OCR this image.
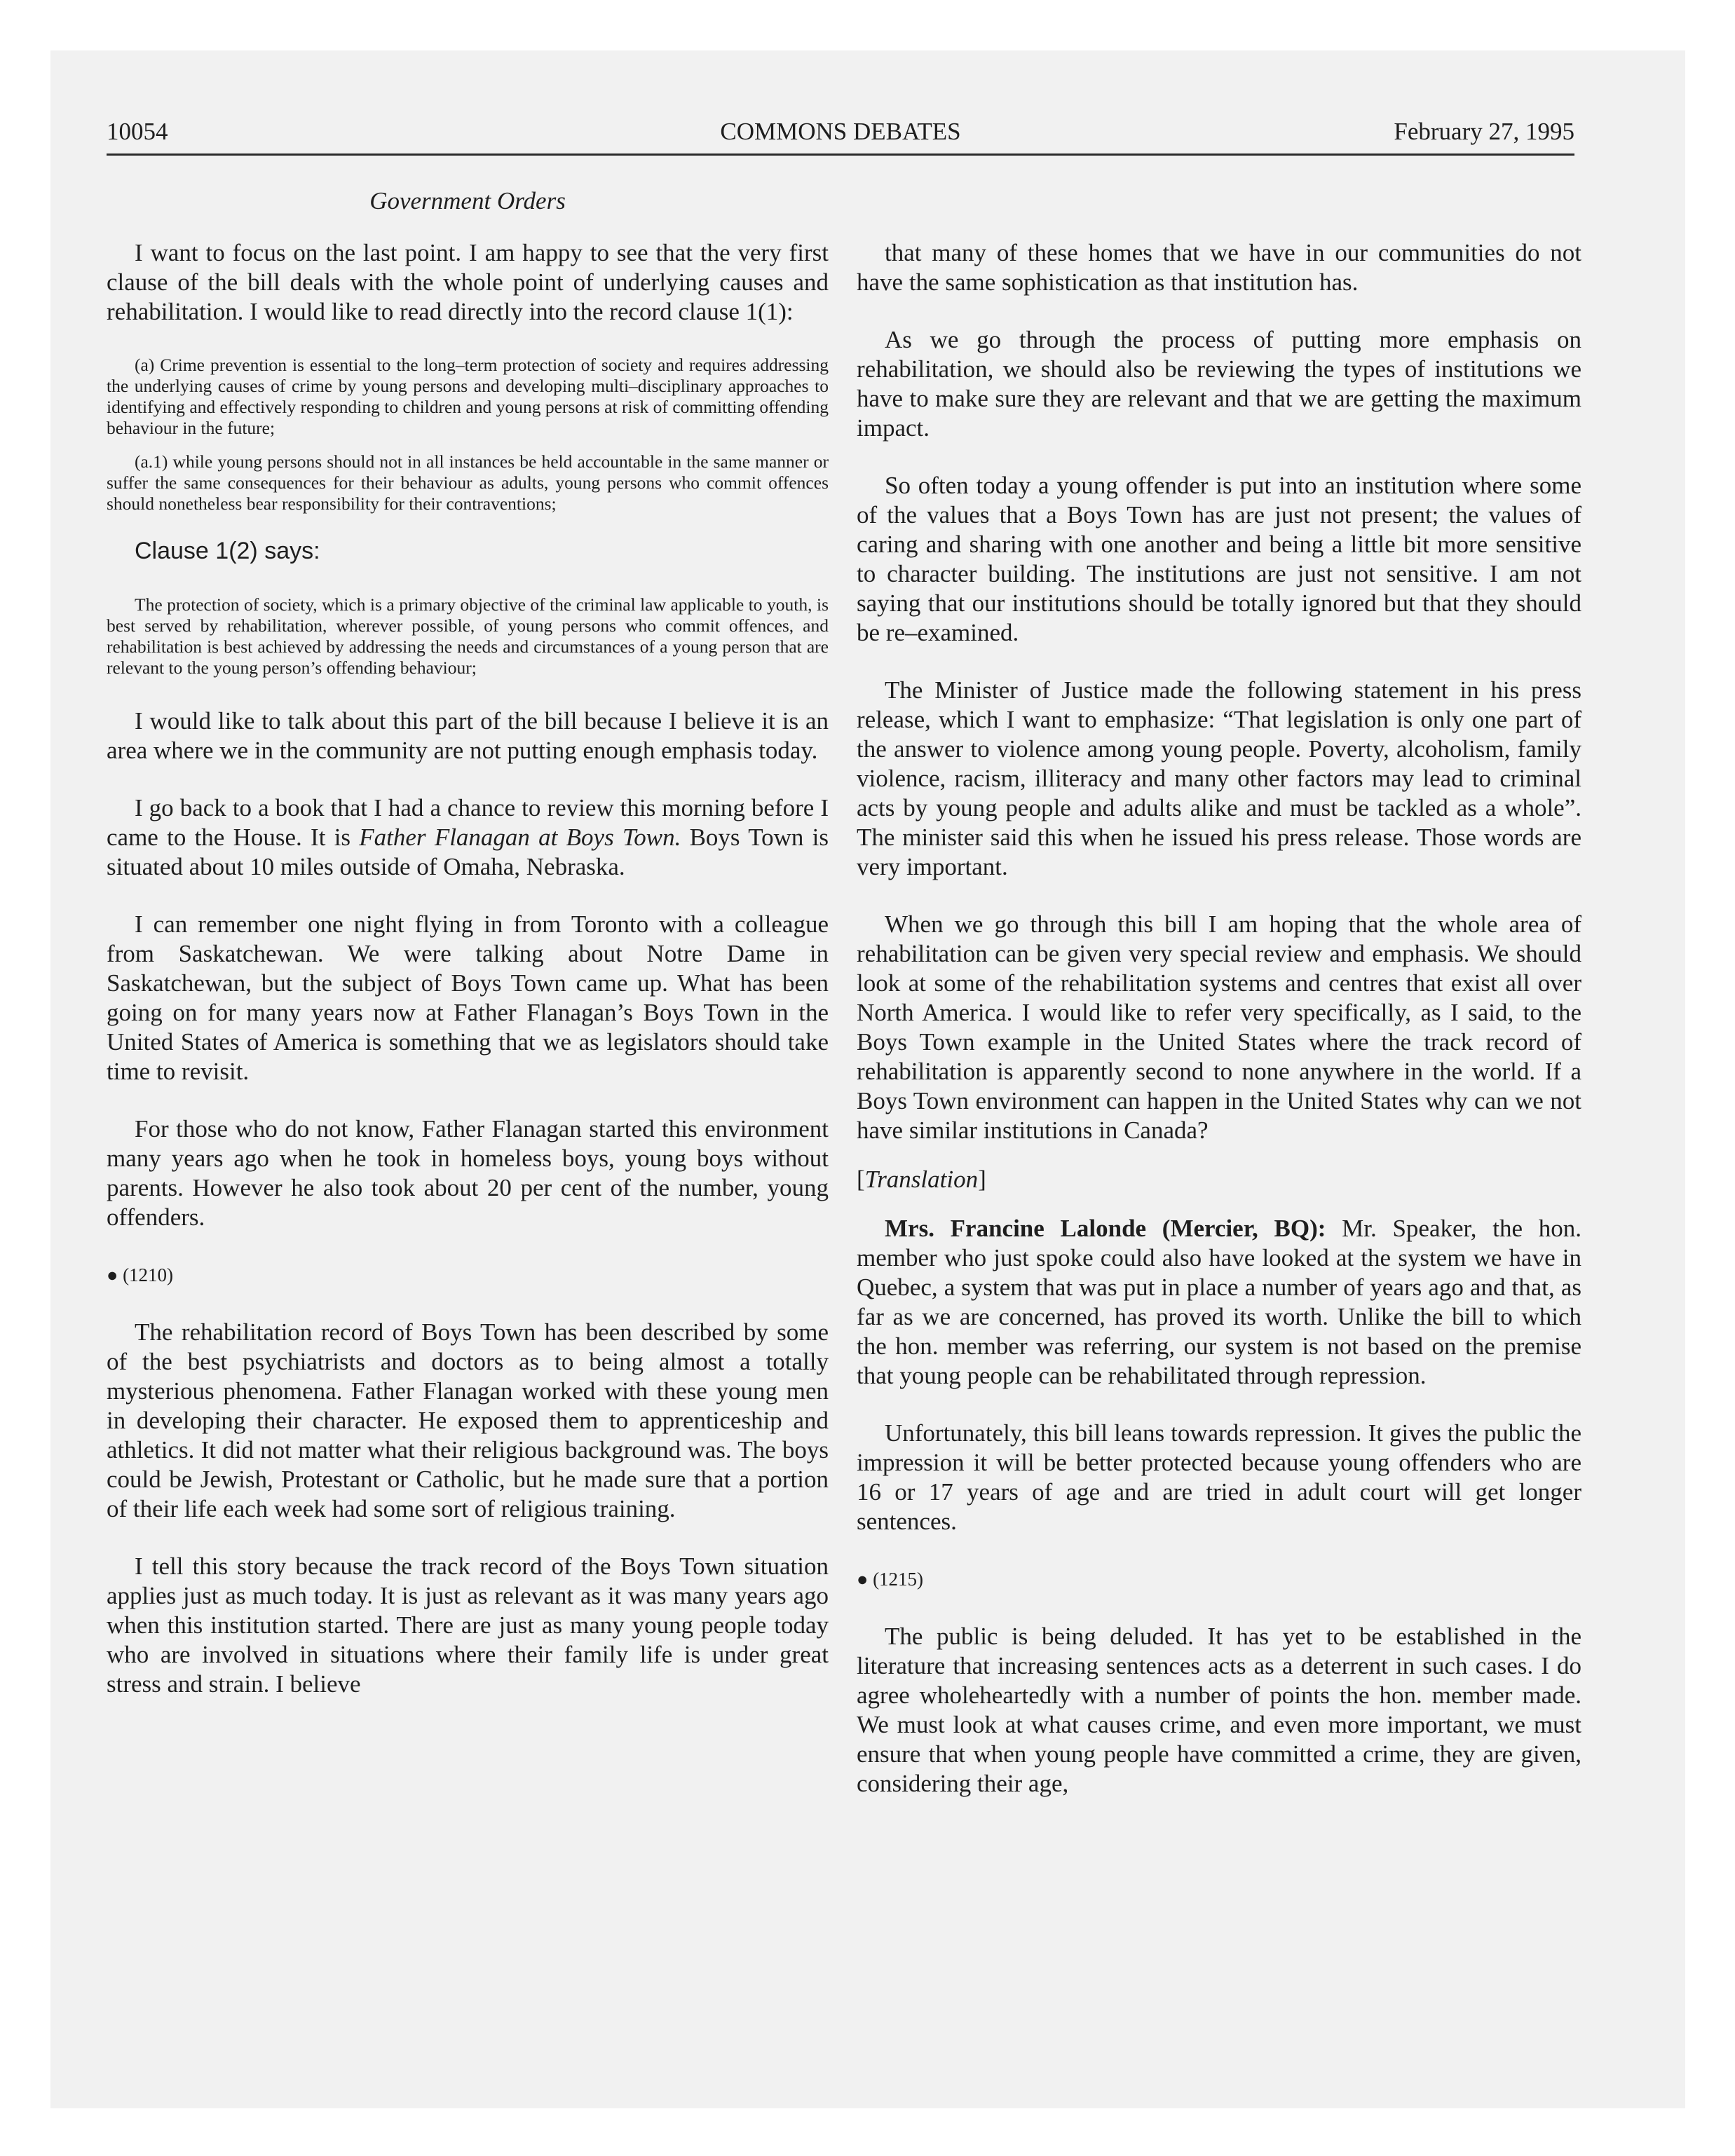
10054	COMMONS DEBATES	February 27, 1995
Government Orders

I want to focus on the last point. I am happy to see that the very first clause of the bill deals with the whole point of underlying causes and rehabilitation. I would like to read directly into the record clause 1(1):

(a) Crime prevention is essential to the long–term protection of society and requires addressing the underlying causes of crime by young persons and developing multi–disciplinary approaches to identifying and effectively responding to children and young persons at risk of committing offending behaviour in the future;

(a.1) while young persons should not in all instances be held accountable in the same manner or suffer the same consequences for their behaviour as adults, young persons who commit offences should nonetheless bear responsibility for their contraventions;

Clause 1(2) says:

The protection of society, which is a primary objective of the criminal law applicable to youth, is best served by rehabilitation, wherever possible, of young persons who commit offences, and rehabilitation is best achieved by addressing the needs and circumstances of a young person that are relevant to the young person’s offending behaviour;

I would like to talk about this part of the bill because I believe it is an area where we in the community are not putting enough emphasis today.

I go back to a book that I had a chance to review this morning before I came to the House. It is Father Flanagan at Boys Town. Boys Town is situated about 10 miles outside of Omaha, Nebraska.

I can remember one night flying in from Toronto with a colleague from Saskatchewan. We were talking about Notre Dame in Saskatchewan, but the subject of Boys Town came up. What has been going on for many years now at Father Flanagan’s Boys Town in the United States of America is something that we as legislators should take time to revisit.

For those who do not know, Father Flanagan started this environment many years ago when he took in homeless boys, young boys without parents. However he also took about 20 per cent of the number, young offenders.

● (1210)

The rehabilitation record of Boys Town has been described by some of the best psychiatrists and doctors as to being almost a totally mysterious phenomena. Father Flanagan worked with these young men in developing their character. He exposed them to apprenticeship and athletics. It did not matter what their religious background was. The boys could be Jewish, Protestant or Catholic, but he made sure that a portion of their life each week had some sort of religious training.

I tell this story because the track record of the Boys Town situation applies just as much today. It is just as relevant as it was many years ago when this institution started. There are just as many young people today who are involved in situations where their family life is under great stress and strain. I believe

that many of these homes that we have in our communities do not have the same sophistication as that institution has.

As we go through the process of putting more emphasis on rehabilitation, we should also be reviewing the types of institutions we have to make sure they are relevant and that we are getting the maximum impact.

So often today a young offender is put into an institution where some of the values that a Boys Town has are just not present; the values of caring and sharing with one another and being a little bit more sensitive to character building. The institutions are just not sensitive. I am not saying that our institutions should be totally ignored but that they should be re–examined.

The Minister of Justice made the following statement in his press release, which I want to emphasize: “That legislation is only one part of the answer to violence among young people. Poverty, alcoholism, family violence, racism, illiteracy and many other factors may lead to criminal acts by young people and adults alike and must be tackled as a whole”. The minister said this when he issued his press release. Those words are very important.

When we go through this bill I am hoping that the whole area of rehabilitation can be given very special review and emphasis. We should look at some of the rehabilitation systems and centres that exist all over North America. I would like to refer very specifically, as I said, to the Boys Town example in the United States where the track record of rehabilitation is apparently second to none anywhere in the world. If a Boys Town environment can happen in the United States why can we not have similar institutions in Canada?

[Translation]

Mrs. Francine Lalonde (Mercier, BQ): Mr. Speaker, the hon. member who just spoke could also have looked at the system we have in Quebec, a system that was put in place a number of years ago and that, as far as we are concerned, has proved its worth. Unlike the bill to which the hon. member was referring, our system is not based on the premise that young people can be rehabilitated through repression.

Unfortunately, this bill leans towards repression. It gives the public the impression it will be better protected because young offenders who are 16 or 17 years of age and are tried in adult court will get longer sentences.

● (1215)

The public is being deluded. It has yet to be established in the literature that increasing sentences acts as a deterrent in such cases. I do agree wholeheartedly with a number of points the hon. member made. We must look at what causes crime, and even more important, we must ensure that when young people have committed a crime, they are given, considering their age,
